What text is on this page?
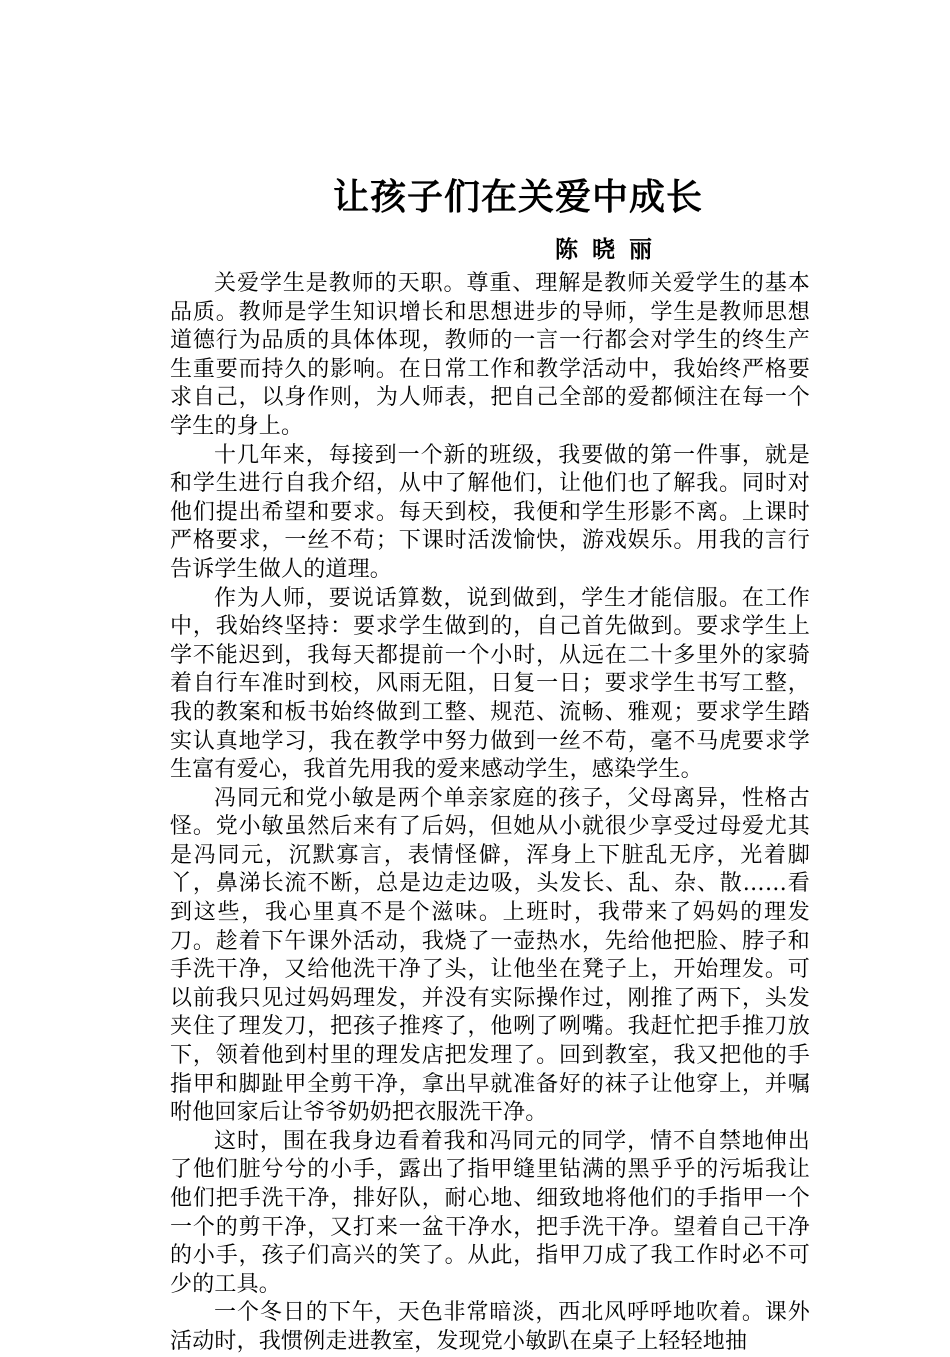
让孩子们在关爱中成长
陈晓丽

关爱学生是教师的天职。尊重、理解是教师关爱学生的基本品质。教师是学生知识增长和思想进步的导师，学生是教师思想道德行为品质的具体体现，教师的一言一行都会对学生的终生产生重要而持久的影响。在日常工作和教学活动中，我始终严格要求自己，以身作则，为人师表，把自己全部的爱都倾注在每一个学生的身上。

十几年来，每接到一个新的班级，我要做的第一件事，就是和学生进行自我介绍，从中了解他们，让他们也了解我。同时对他们提出希望和要求。每天到校，我便和学生形影不离。上课时严格要求，一丝不苟；下课时活泼愉快，游戏娱乐。用我的言行告诉学生做人的道理。

作为人师，要说话算数，说到做到，学生才能信服。在工作中，我始终坚持：要求学生做到的，自己首先做到。要求学生上学不能迟到，我每天都提前一个小时，从远在二十多里外的家骑着自行车准时到校，风雨无阻，日复一日；要求学生书写工整，我的教案和板书始终做到工整、规范、流畅、雅观；要求学生踏实认真地学习，我在教学中努力做到一丝不苟，毫不马虎要求学生富有爱心，我首先用我的爱来感动学生，感染学生。

冯同元和党小敏是两个单亲家庭的孩子，父母离异，性格古怪。党小敏虽然后来有了后妈，但她从小就很少享受过母爱尤其是冯同元，沉默寡言，表情怪僻，浑身上下脏乱无序，光着脚丫，鼻涕长流不断，总是边走边吸，头发长、乱、杂、散……看到这些，我心里真不是个滋味。上班时，我带来了妈妈的理发刀。趁着下午课外活动，我烧了一壶热水，先给他把脸、脖子和手洗干净，又给他洗干净了头，让他坐在凳子上，开始理发。可以前我只见过妈妈理发，并没有实际操作过，刚推了两下，头发夹住了理发刀，把孩子推疼了，他咧了咧嘴。我赶忙把手推刀放下，领着他到村里的理发店把发理了。回到教室，我又把他的手指甲和脚趾甲全剪干净，拿出早就准备好的袜子让他穿上，并嘱咐他回家后让爷爷奶奶把衣服洗干净。

这时，围在我身边看着我和冯同元的同学，情不自禁地伸出了他们脏兮兮的小手，露出了指甲缝里钻满的黑乎乎的污垢我让他们把手洗干净，排好队，耐心地、细致地将他们的手指甲一个一个的剪干净，又打来一盆干净水，把手洗干净。望着自己干净的小手，孩子们高兴的笑了。从此，指甲刀成了我工作时必不可少的工具。

一个冬日的下午，天色非常暗淡，西北风呼呼地吹着。课外活动时，我惯例走进教室，发现党小敏趴在桌子上轻轻地抽
